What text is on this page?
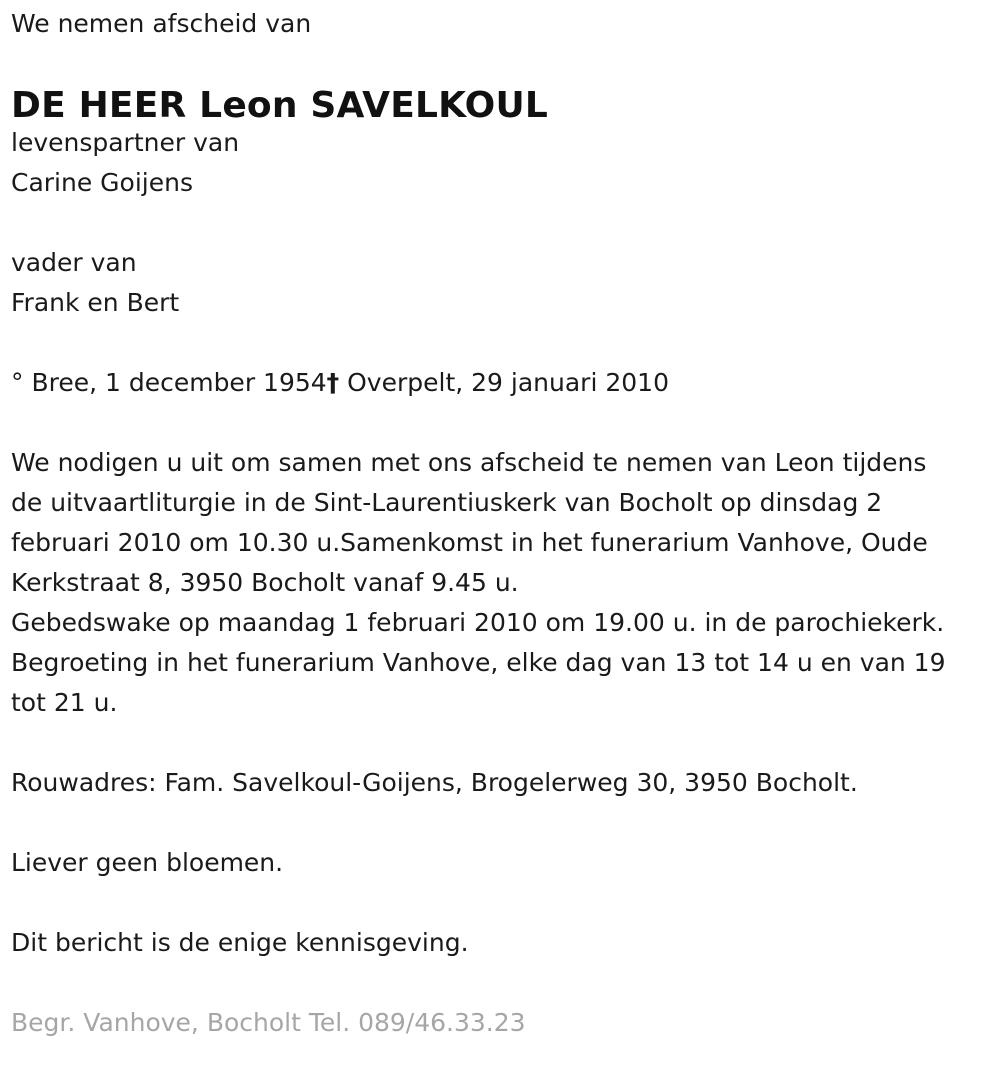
We nemen afscheid van
DE HEER Leon SAVELKOUL
levenspartner van
Carine Goijens
vader van
Frank en Bert
° Bree, 1 december 1954† Overpelt, 29 januari 2010
We nodigen u uit om samen met ons afscheid te nemen van Leon tijdens
de uitvaartliturgie in de Sint-Laurentiuskerk van Bocholt op dinsdag 2
februari 2010 om 10.30 u.Samenkomst in het funerarium Vanhove, Oude
Kerkstraat 8, 3950 Bocholt vanaf 9.45 u.
Gebedswake op maandag 1 februari 2010 om 19.00 u. in de parochiekerk.
Begroeting in het funerarium Vanhove, elke dag van 13 tot 14 u en van 19
tot 21 u.
Rouwadres: Fam. Savelkoul-Goijens, Brogelerweg 30, 3950 Bocholt.
Liever geen bloemen.
Dit bericht is de enige kennisgeving.
Begr. Vanhove, Bocholt Tel. 089/46.33.23
